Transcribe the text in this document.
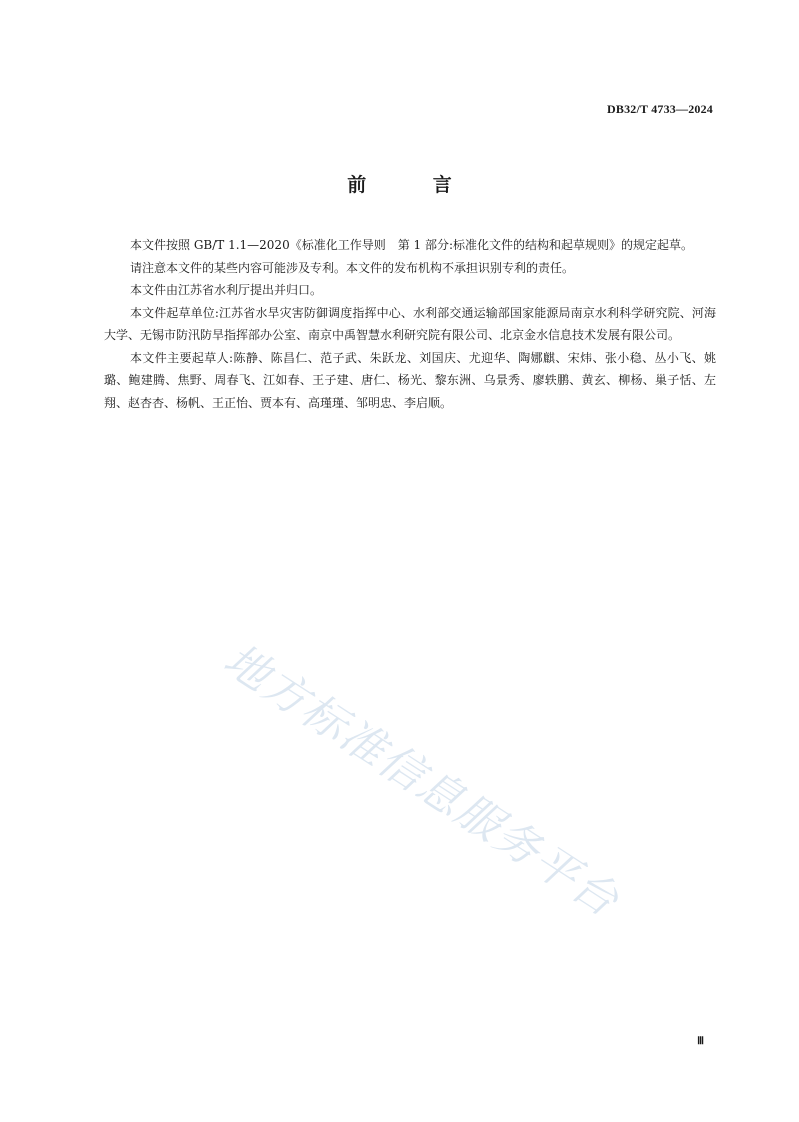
DB32/T 4733—2024
前 言

本文件按照 GB/T 1.1—2020《标准化工作导则　第 1 部分:标准化文件的结构和起草规则》的规定起草。

请注意本文件的某些内容可能涉及专利。本文件的发布机构不承担识别专利的责任。

本文件由江苏省水利厅提出并归口。

本文件起草单位:江苏省水旱灾害防御调度指挥中心、水利部交通运输部国家能源局南京水利科学研究院、河海大学、无锡市防汛防旱指挥部办公室、南京中禹智慧水利研究院有限公司、北京金水信息技术发展有限公司。

本文件主要起草人:陈静、陈昌仁、范子武、朱跃龙、刘国庆、尤迎华、陶娜麒、宋炜、张小稳、丛小飞、姚璐、鲍建腾、焦野、周春飞、江如春、王子建、唐仁、杨光、黎东洲、乌景秀、廖轶鹏、黄玄、柳杨、巢子恬、左翔、赵杏杏、杨帆、王正怡、贾本有、高瑾瑾、邹明忠、李启顺。

地方标准信息服务平台
Ⅲ
